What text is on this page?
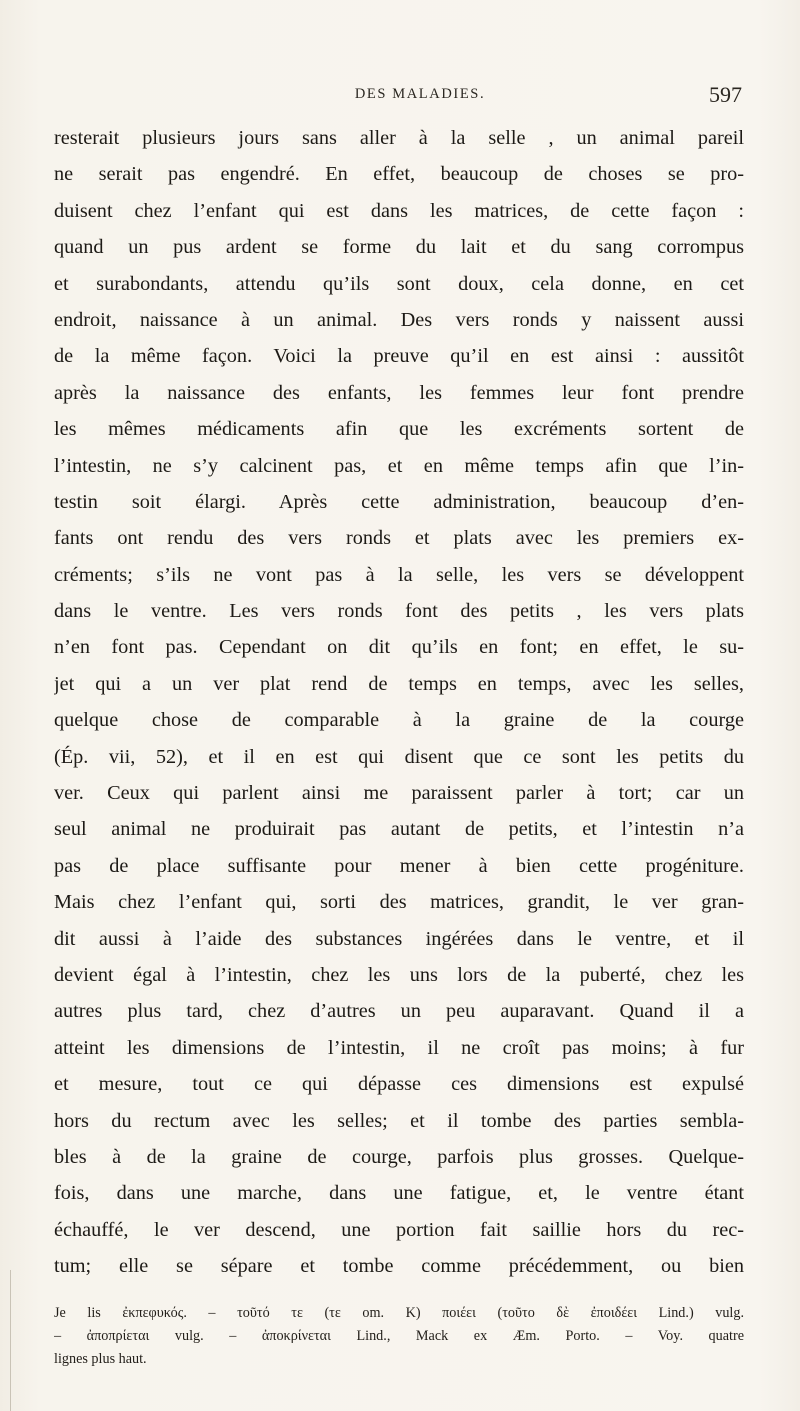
DES MALADIES.	597
resterait plusieurs jours sans aller à la selle , un animal pareil
ne serait pas engendré. En effet, beaucoup de choses se pro-
duisent chez l’enfant qui est dans les matrices, de cette façon :
quand un pus ardent se forme du lait et du sang corrompus
et surabondants, attendu qu’ils sont doux, cela donne, en cet
endroit, naissance à un animal. Des vers ronds y naissent aussi
de la même façon. Voici la preuve qu’il en est ainsi : aussitôt
après la naissance des enfants, les femmes leur font prendre
les mêmes médicaments afin que les excréments sortent de
l’intestin, ne s’y calcinent pas, et en même temps afin que l’in-
testin soit élargi. Après cette administration, beaucoup d’en-
fants ont rendu des vers ronds et plats avec les premiers ex-
créments; s’ils ne vont pas à la selle, les vers se développent
dans le ventre. Les vers ronds font des petits , les vers plats
n’en font pas. Cependant on dit qu’ils en font; en effet, le su-
jet qui a un ver plat rend de temps en temps, avec les selles,
quelque chose de comparable à la graine de la courge
(Ép. vii, 52), et il en est qui disent que ce sont les petits du
ver. Ceux qui parlent ainsi me paraissent parler à tort; car un
seul animal ne produirait pas autant de petits, et l’intestin n’a
pas de place suffisante pour mener à bien cette progéniture.
Mais chez l’enfant qui, sorti des matrices, grandit, le ver gran-
dit aussi à l’aide des substances ingérées dans le ventre, et il
devient égal à l’intestin, chez les uns lors de la puberté, chez les
autres plus tard, chez d’autres un peu auparavant. Quand il a
atteint les dimensions de l’intestin, il ne croît pas moins; à fur
et mesure, tout ce qui dépasse ces dimensions est expulsé
hors du rectum avec les selles; et il tombe des parties sembla-
bles à de la graine de courge, parfois plus grosses. Quelque-
fois, dans une marche, dans une fatigue, et, le ventre étant
échauffé, le ver descend, une portion fait saillie hors du rec-
tum; elle se sépare et tombe comme précédemment, ou bien
Je lis ἐκπεφυκός. – τοῦτό τε (τε om. K) ποιέει (τοῦτο δὲ ἐποιδέει Lind.) vulg.
– ἀποπρίεται vulg. – ἀποκρίνεται Lind., Mack ex Æm. Porto. – Voy. quatre
lignes plus haut.
